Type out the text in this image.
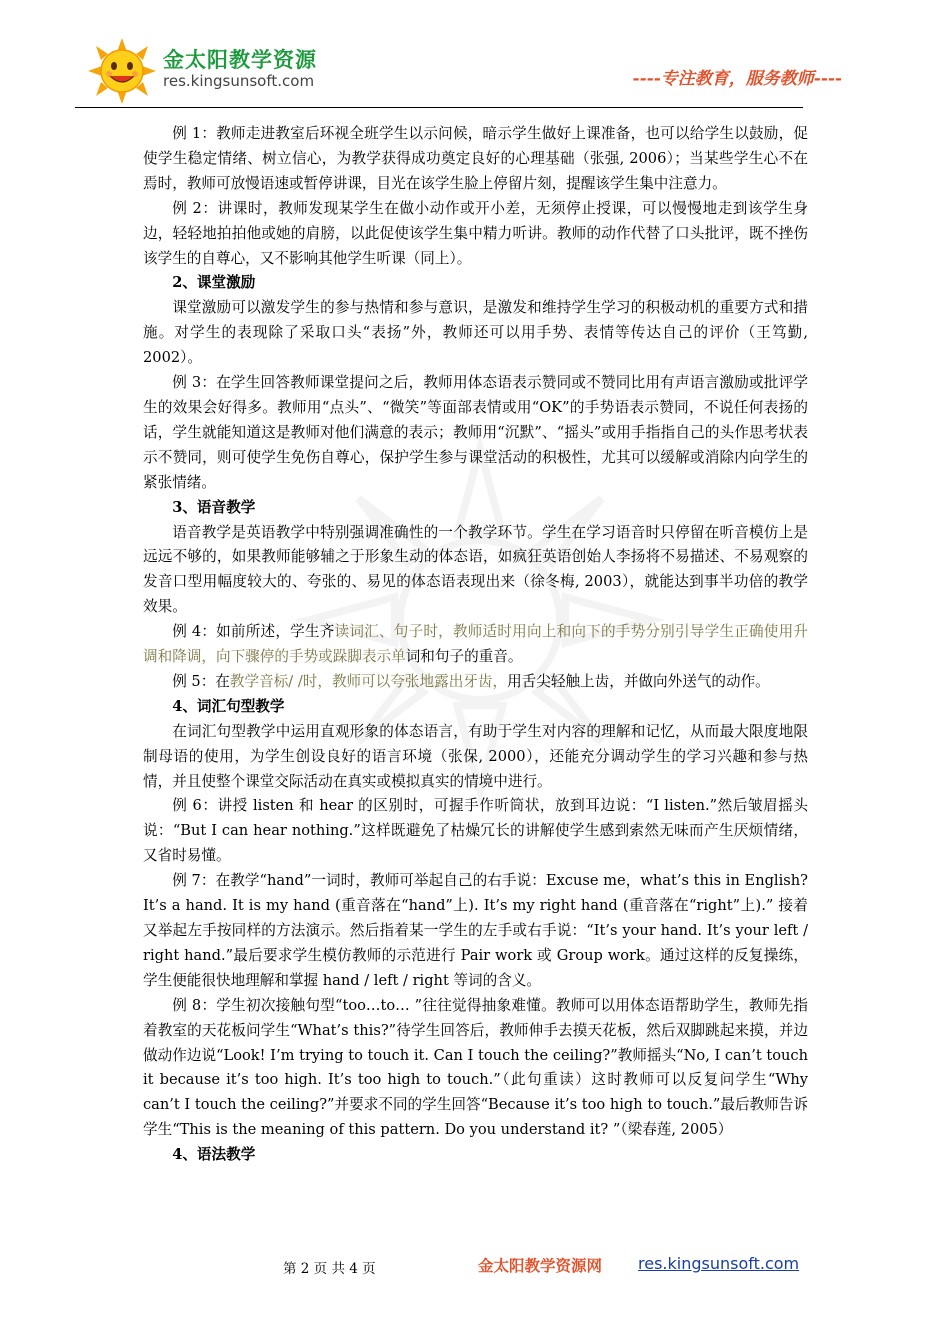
金太阳教学资源
res.kingsunsoft.com	----专注教育，服务教师----

例 1：教师走进教室后环视全班学生以示问候，暗示学生做好上课准备，也可以给学生以鼓励，促使学生稳定情绪、树立信心，为教学获得成功奠定良好的心理基础（张强, 2006）；当某些学生心不在焉时，教师可放慢语速或暂停讲课，目光在该学生脸上停留片刻，提醒该学生集中注意力。

例 2：讲课时，教师发现某学生在做小动作或开小差，无须停止授课，可以慢慢地走到该学生身边，轻轻地拍拍他或她的肩膀，以此促使该学生集中精力听讲。教师的动作代替了口头批评，既不挫伤该学生的自尊心，又不影响其他学生听课（同上）。

2、课堂激励

课堂激励可以激发学生的参与热情和参与意识，是激发和维持学生学习的积极动机的重要方式和措施。对学生的表现除了采取口头“表扬”外，教师还可以用手势、表情等传达自己的评价（王笃勤, 2002）。

例 3：在学生回答教师课堂提问之后，教师用体态语表示赞同或不赞同比用有声语言激励或批评学生的效果会好得多。教师用“点头”、“微笑”等面部表情或用“OK”的手势语表示赞同，不说任何表扬的话，学生就能知道这是教师对他们满意的表示；教师用“沉默”、“摇头”或用手指指自己的头作思考状表示不赞同，则可使学生免伤自尊心，保护学生参与课堂活动的积极性，尤其可以缓解或消除内向学生的紧张情绪。

3、语音教学

语音教学是英语教学中特别强调准确性的一个教学环节。学生在学习语音时只停留在听音模仿上是远远不够的，如果教师能够辅之于形象生动的体态语，如疯狂英语创始人李扬将不易描述、不易观察的发音口型用幅度较大的、夸张的、易见的体态语表现出来（徐冬梅, 2003），就能达到事半功倍的教学效果。

例 4：如前所述，学生齐读词汇、句子时，教师适时用向上和向下的手势分别引导学生正确使用升调和降调，向下骤停的手势或跺脚表示单词和句子的重音。

例 5：在教学音标/ /时，教师可以夸张地露出牙齿，用舌尖轻触上齿，并做向外送气的动作。

4、词汇句型教学

在词汇句型教学中运用直观形象的体态语言，有助于学生对内容的理解和记忆，从而最大限度地限制母语的使用，为学生创设良好的语言环境（张保, 2000），还能充分调动学生的学习兴趣和参与热情，并且使整个课堂交际活动在真实或模拟真实的情境中进行。

例 6：讲授 listen 和 hear 的区别时，可握手作听筒状，放到耳边说：“I listen.”然后皱眉摇头说：“But I can hear nothing.”这样既避免了枯燥冗长的讲解使学生感到索然无味而产生厌烦情绪，又省时易懂。

例 7：在教学“hand”一词时，教师可举起自己的右手说：Excuse me，what’s this in English? It’s a hand. It is my hand (重音落在“hand”上). It’s my right hand (重音落在“right”上).” 接着又举起左手按同样的方法演示。然后指着某一学生的左手或右手说：“It’s your hand. It’s your left / right hand.”最后要求学生模仿教师的示范进行 Pair work 或 Group work。通过这样的反复操练，学生便能很快地理解和掌握 hand / left / right 等词的含义。

例 8：学生初次接触句型“too…to… ”往往觉得抽象难懂。教师可以用体态语帮助学生，教师先指着教室的天花板问学生“What’s this?”待学生回答后，教师伸手去摸天花板，然后双脚跳起来摸，并边做动作边说“Look! I’m trying to touch it. Can I touch the ceiling?”教师摇头“No, I can’t touch it because it’s too high. It’s too high to touch.”（此句重读）这时教师可以反复问学生“Why can’t I touch the ceiling?”并要求不同的学生回答“Because it’s too high to touch.”最后教师告诉学生“This is the meaning of this pattern. Do you understand it? ”（梁春莲, 2005）

4、语法教学

第 2 页 共 4 页	金太阳教学资源网 res.kingsunsoft.com
